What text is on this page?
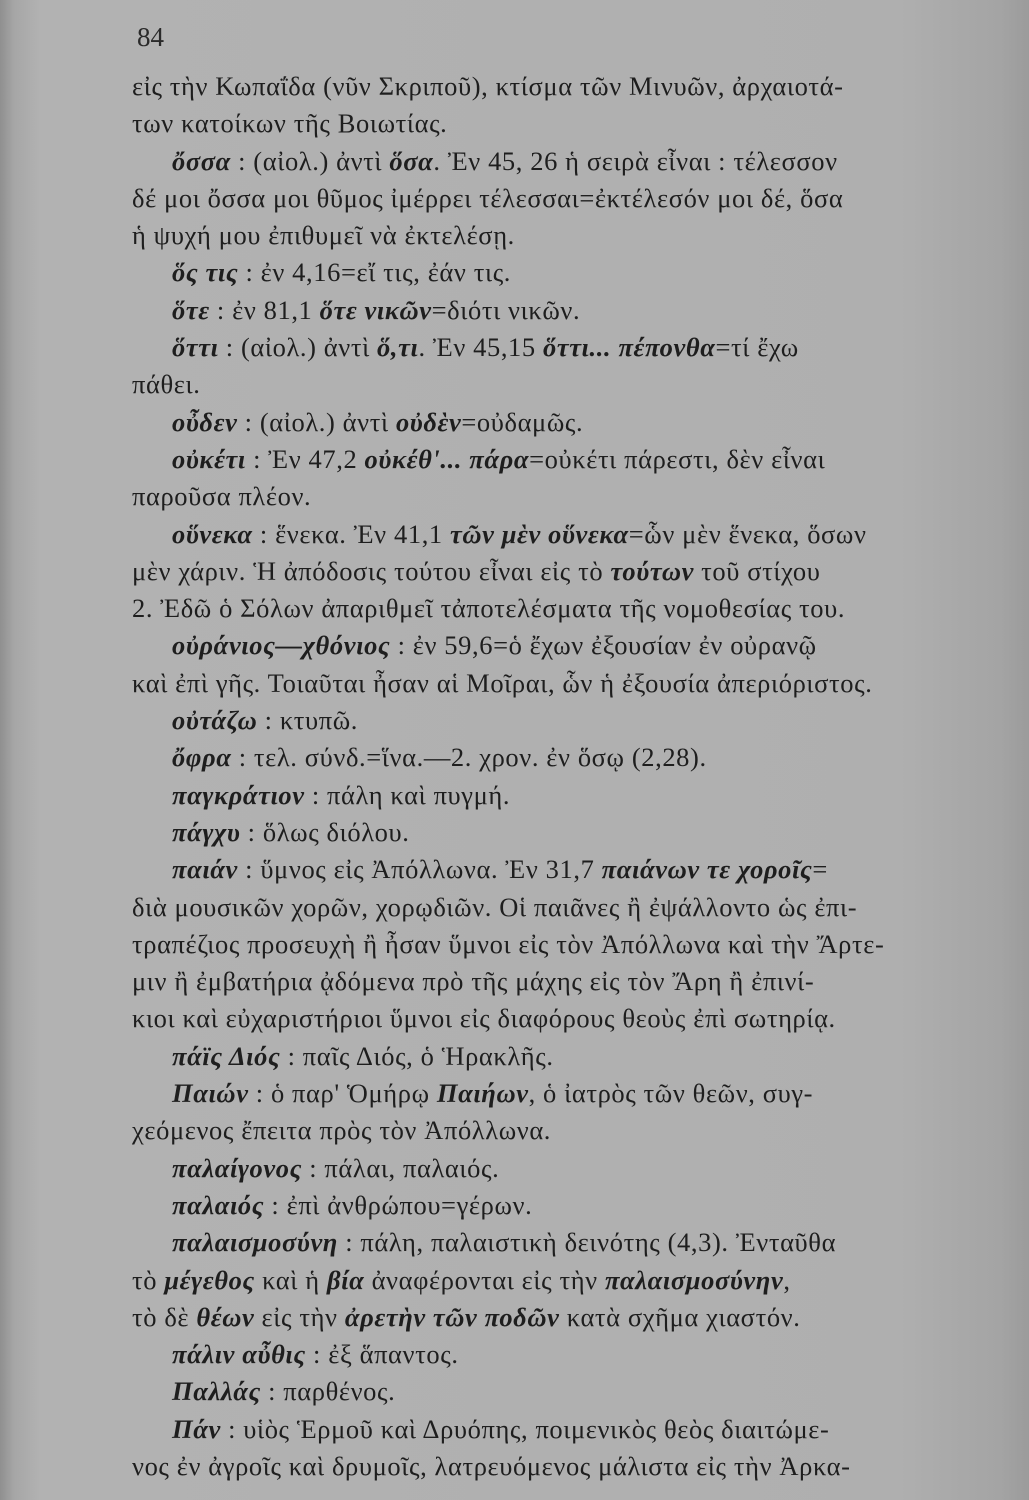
84
εἰς τὴν Κωπαΐδα (νῦν Σκριποῦ), κτίσμα τῶν Μινυῶν, ἀρχαιοτά-
των κατοίκων τῆς Βοιωτίας.
ὄσσα : (αἰολ.) ἀντὶ ὅσα. Ἐν 45, 26 ἡ σειρὰ εἶναι : τέλεσσον
δέ μοι ὄσσα μοι θῦμος ἰμέρρει τέλεσσαι=ἐκτέλεσόν μοι δέ, ὅσα
ἡ ψυχή μου ἐπιθυμεῖ νὰ ἐκτελέσῃ.
ὅς τις : ἐν 4,16=εἴ τις, ἐάν τις.
ὅτε : ἐν 81,1 ὅτε νικῶν=διότι νικῶν.
ὅττι : (αἰολ.) ἀντὶ ὅ,τι. Ἐν 45,15 ὅττι... πέπονθα=τί ἔχω
πάθει.
οὖδεν : (αἰολ.) ἀντὶ οὐδὲν=οὐδαμῶς.
οὐκέτι : Ἐν 47,2 οὐκέθ'... πάρα=οὐκέτι πάρεστι, δὲν εἶναι
παροῦσα πλέον.
οὕνεκα : ἕνεκα. Ἐν 41,1 τῶν μὲν οὕνεκα=ὧν μὲν ἕνεκα, ὅσων
μὲν χάριν. Ἡ ἀπόδοσις τούτου εἶναι εἰς τὸ τούτων τοῦ στίχου
2. Ἐδῶ ὁ Σόλων ἀπαριθμεῖ τἀποτελέσματα τῆς νομοθεσίας του.
οὐράνιος—χθόνιος : ἐν 59,6=ὁ ἔχων ἐξουσίαν ἐν οὐρανῷ
καὶ ἐπὶ γῆς. Τοιαῦται ἦσαν αἱ Μοῖραι, ὧν ἡ ἐξουσία ἀπεριόριστος.
οὐτάζω : κτυπῶ.
ὄφρα : τελ. σύνδ.=ἵνα.—2. χρον. ἐν ὅσῳ (2,28).
παγκράτιον : πάλη καὶ πυγμή.
πάγχυ : ὅλως διόλου.
παιάν : ὕμνος εἰς Ἀπόλλωνα. Ἐν 31,7 παιάνων τε χοροῖς=
διὰ μουσικῶν χορῶν, χορῳδιῶν. Οἱ παιᾶνες ἢ ἐψάλλοντο ὡς ἐπι-
τραπέζιος προσευχὴ ἢ ἦσαν ὕμνοι εἰς τὸν Ἀπόλλωνα καὶ τὴν Ἄρτε-
μιν ἢ ἐμβατήρια ᾀδόμενα πρὸ τῆς μάχης εἰς τὸν Ἄρη ἢ ἐπινί-
κιοι καὶ εὐχαριστήριοι ὕμνοι εἰς διαφόρους θεοὺς ἐπὶ σωτηρίᾳ.
πάϊς Διός : παῖς Διός, ὁ Ἡρακλῆς.
Παιών : ὁ παρ' Ὁμήρῳ Παιήων, ὁ ἰατρὸς τῶν θεῶν, συγ-
χεόμενος ἔπειτα πρὸς τὸν Ἀπόλλωνα.
παλαίγονος : πάλαι, παλαιός.
παλαιός : ἐπὶ ἀνθρώπου=γέρων.
παλαισμοσύνη : πάλη, παλαιστικὴ δεινότης (4,3). Ἐνταῦθα
τὸ μέγεθος καὶ ἡ βία ἀναφέρονται εἰς τὴν παλαισμοσύνην,
τὸ δὲ θέων εἰς τὴν ἀρετὴν τῶν ποδῶν κατὰ σχῆμα χιαστόν.
πάλιν αὖθις : ἐξ ἅπαντος.
Παλλάς : παρθένος.
Πάν : υἱὸς Ἑρμοῦ καὶ Δρυόπης, ποιμενικὸς θεὸς διαιτώμε-
νος ἐν ἀγροῖς καὶ δρυμοῖς, λατρευόμενος μάλιστα εἰς τὴν Ἀρκα-
